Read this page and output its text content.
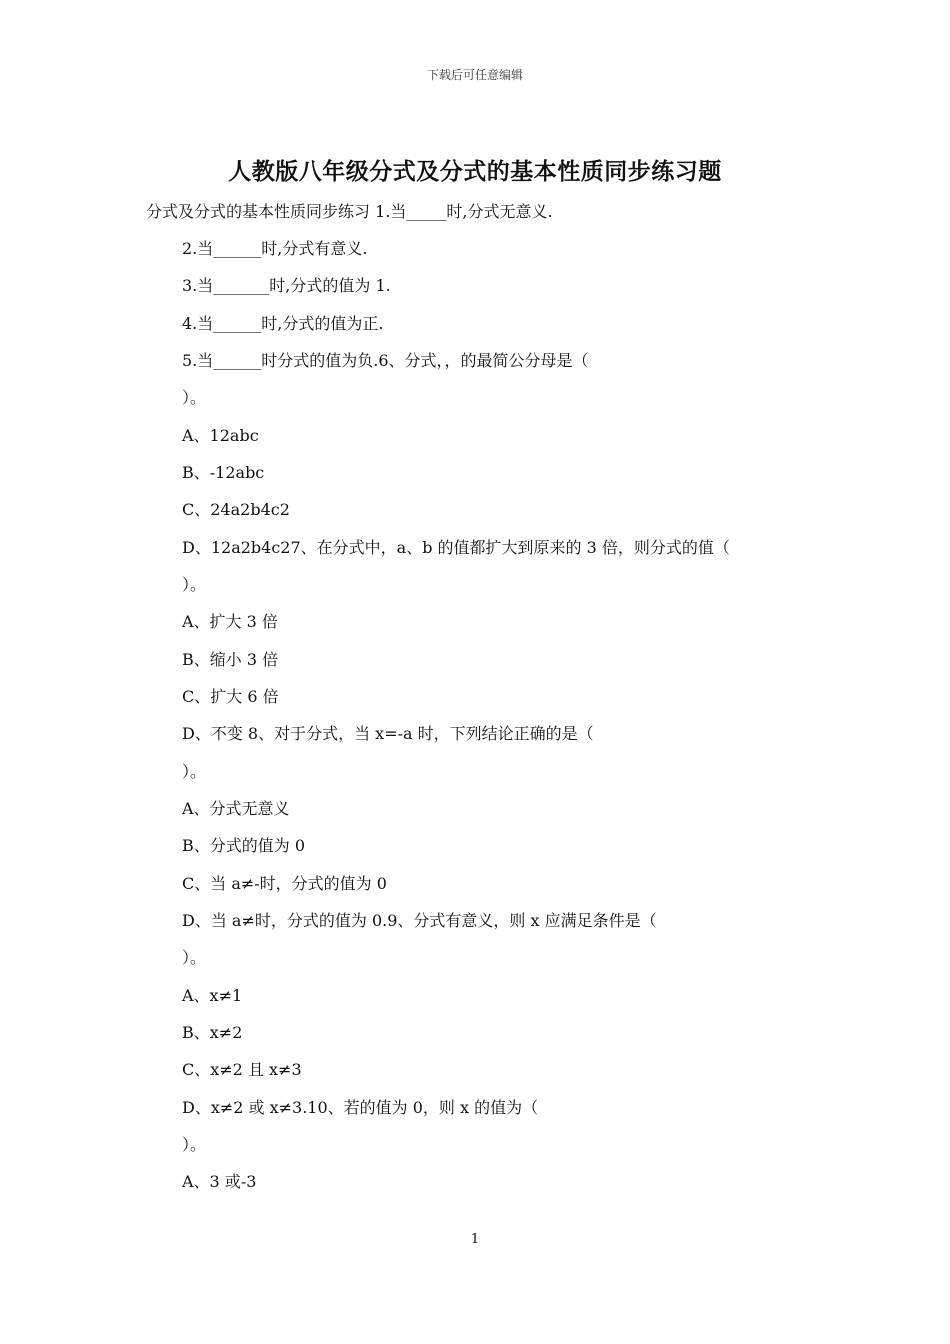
下载后可任意编辑
人教版八年级分式及分式的基本性质同步练习题
分式及分式的基本性质同步练习 1.当_____时,分式无意义.
2.当______时,分式有意义.
3.当_______时,分式的值为 1.
4.当______时,分式的值为正.
5.当______时分式的值为负.6、分式，，的最简公分母是（
）。
A、12abc
B、-12abc
C、24a2b4c2
D、12a2b4c27、在分式中，a、b 的值都扩大到原来的 3 倍，则分式的值（
）。
A、扩大 3 倍
B、缩小 3 倍
C、扩大 6 倍
D、不变 8、对于分式，当 x=-a 时，下列结论正确的是（
）。
A、分式无意义
B、分式的值为 0
C、当 a≠-时，分式的值为 0
D、当 a≠时，分式的值为 0.9、分式有意义，则 x 应满足条件是（
）。
A、x≠1
B、x≠2
C、x≠2 且 x≠3
D、x≠2 或 x≠3.10、若的值为 0，则 x 的值为（
）。
A、3 或-3
1
